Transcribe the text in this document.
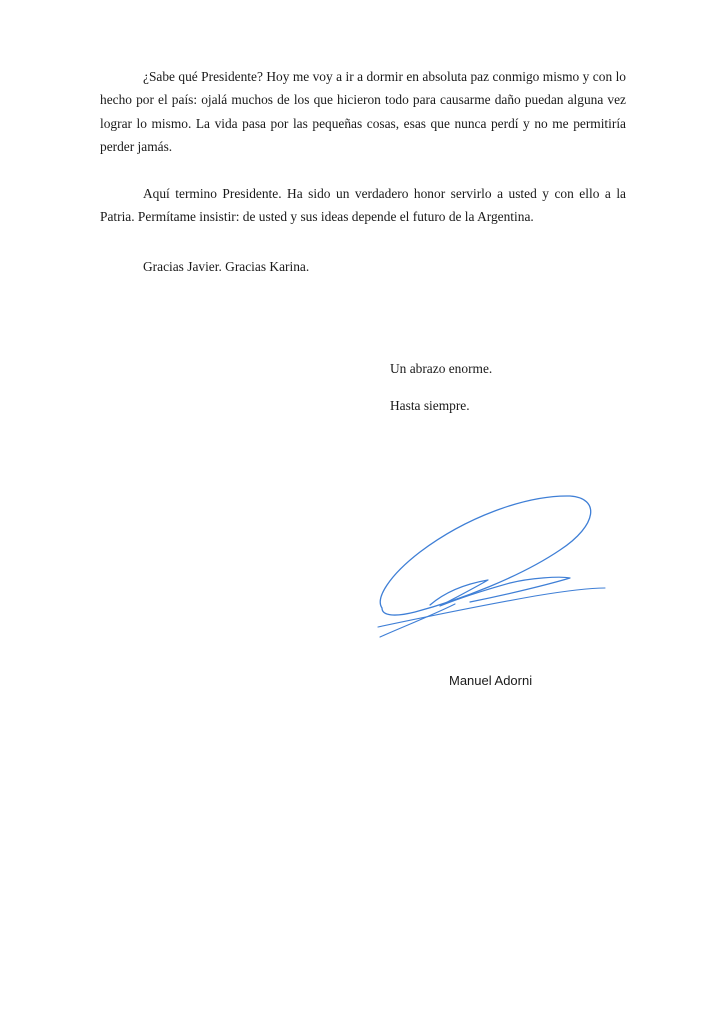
¿Sabe qué Presidente? Hoy me voy a ir a dormir en absoluta paz conmigo mismo y con lo hecho por el país: ojalá muchos de los que hicieron todo para causarme daño puedan alguna vez lograr lo mismo. La vida pasa por las pequeñas cosas, esas que nunca perdí y no me permitiría perder jamás.

Aquí termino Presidente. Ha sido un verdadero honor servirlo a usted y con ello a la Patria. Permítame insistir: de usted y sus ideas depende el futuro de la Argentina.

Gracias Javier. Gracias Karina.

Un abrazo enorme.

Hasta siempre.

Manuel Adorni
